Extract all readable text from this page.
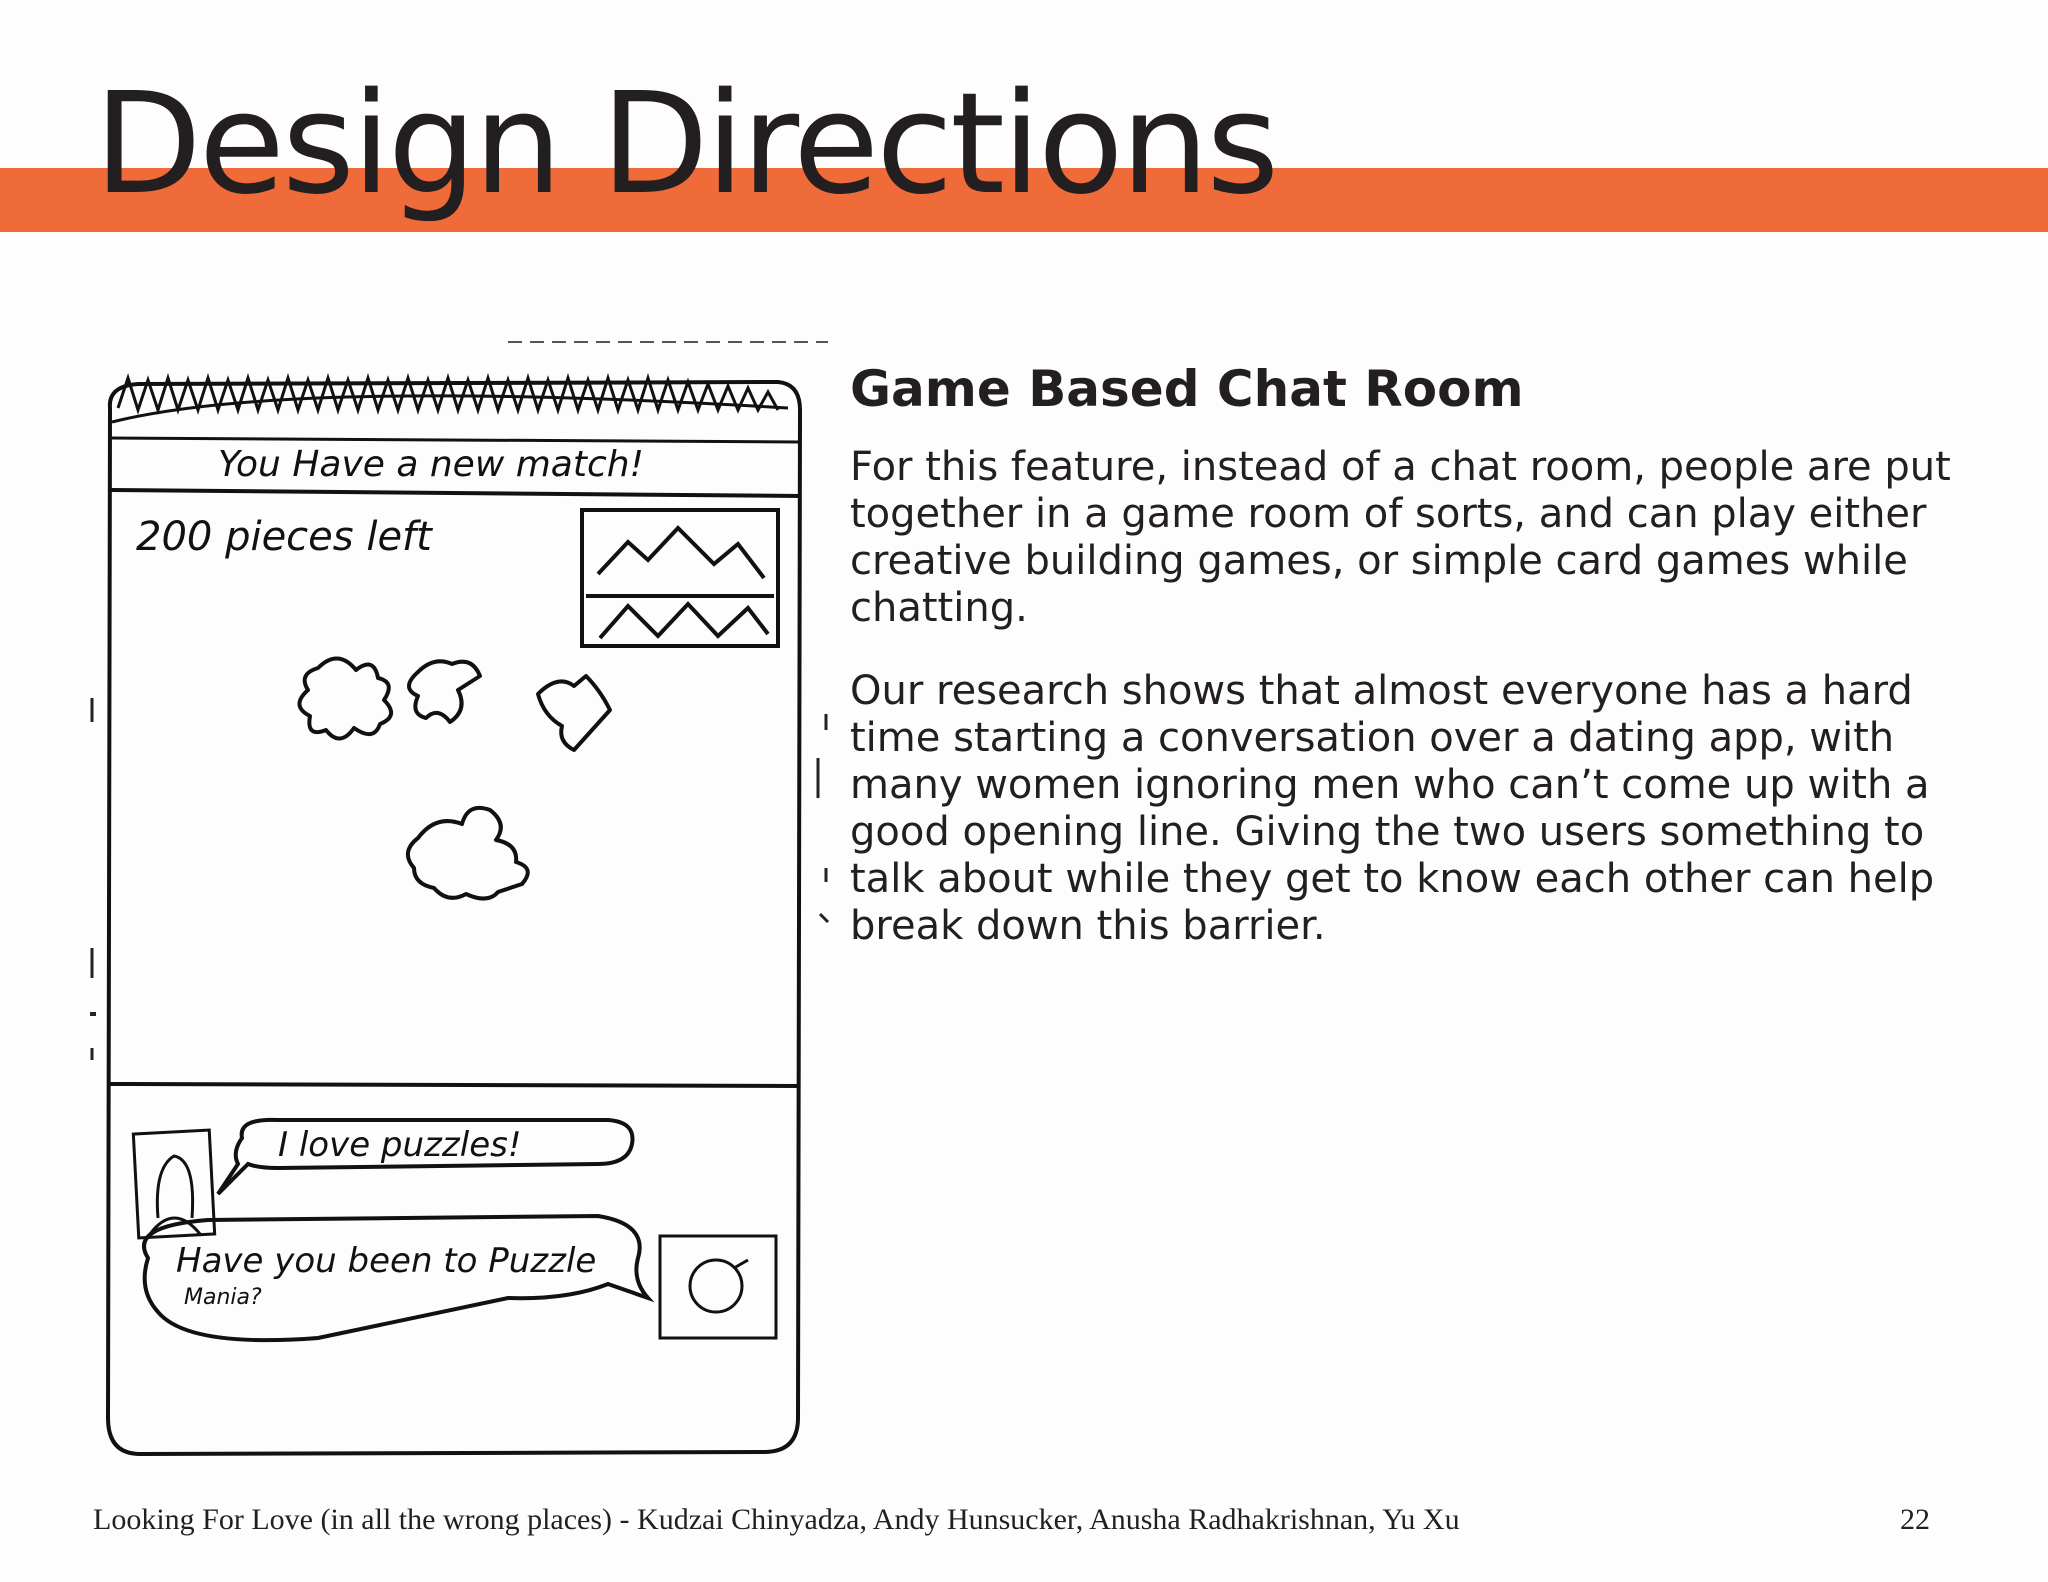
Design Directions
You Have a new match!
200 pieces left
I love puzzles!
Have you been to Puzzle
Mania?
Game Based Chat Room

For this feature, instead of a chat room, people are put together in a game room of sorts, and can play either creative building games, or simple card games while chatting.

Our research shows that almost everyone has a hard time starting a conversation over a dating app, with many women ignoring men who can’t come up with a good opening line. Giving the two users something to talk about while they get to know each other can help break down this barrier.

Looking For Love (in all the wrong places) - Kudzai Chinyadza, Andy Hunsucker, Anusha Radhakrishnan, Yu Xu	22
